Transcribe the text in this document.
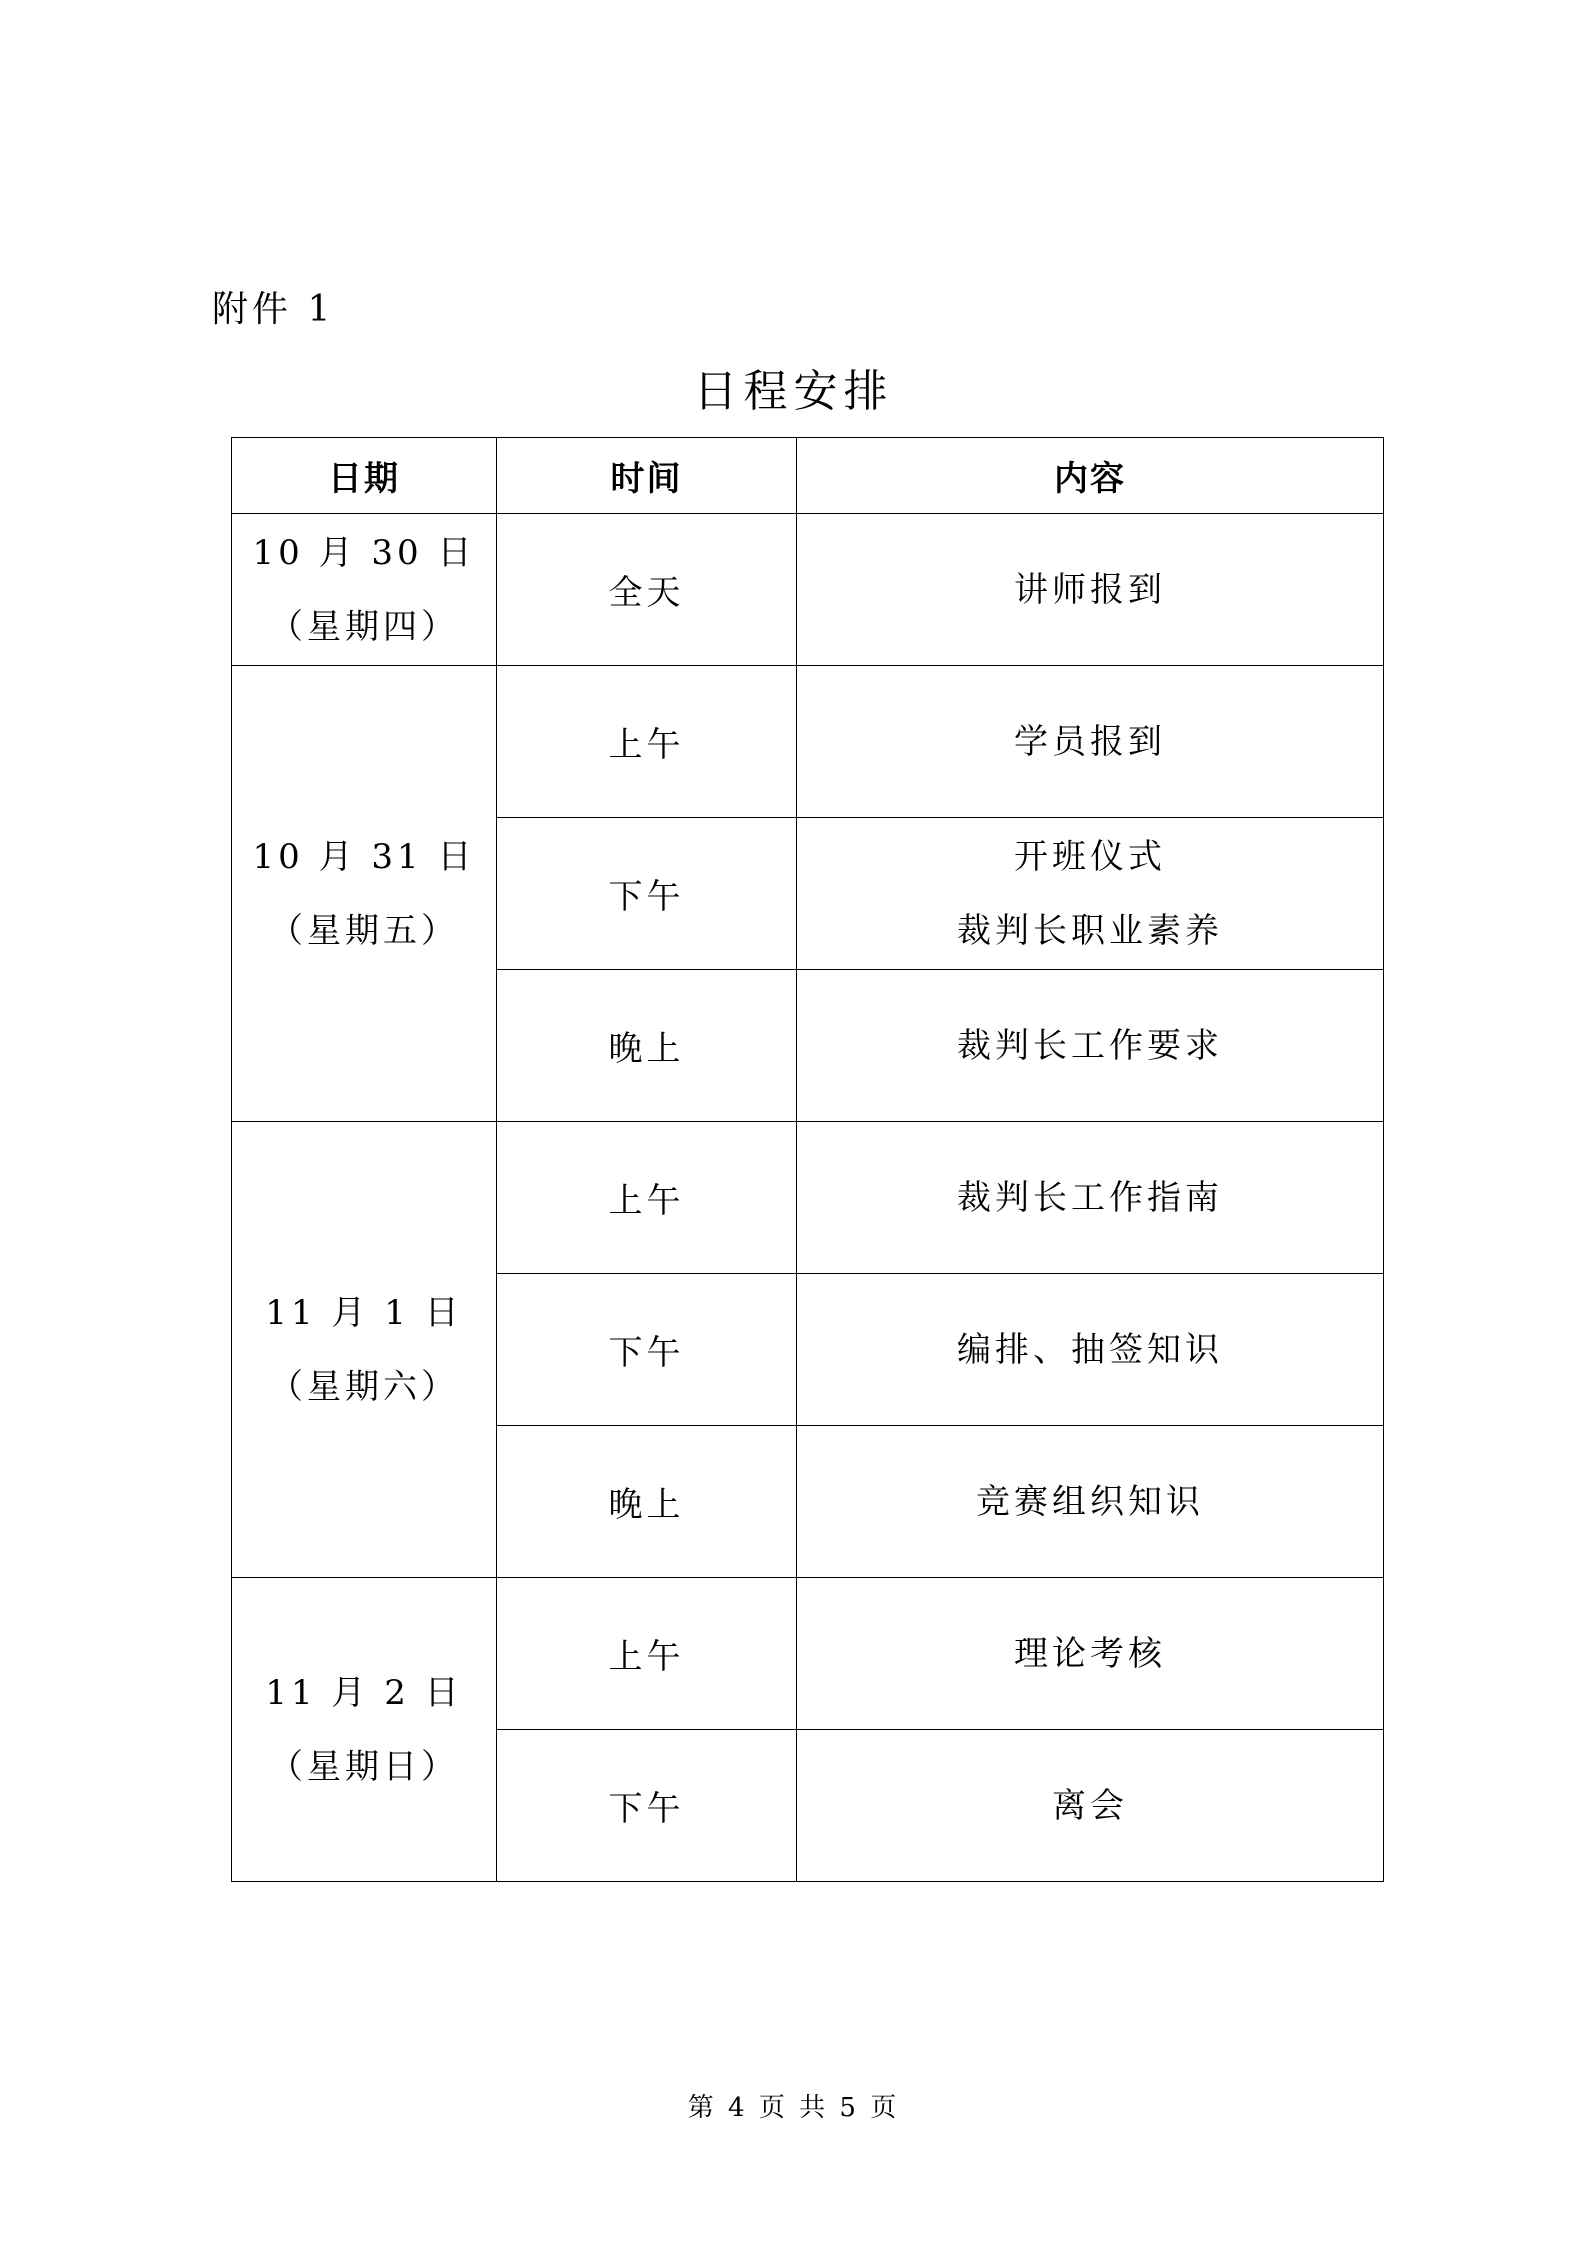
附件 1
日程安排
日期	时间	内容

10 月 30 日
（星期四）	全天	讲师报到

10 月 31 日
（星期五）	上午	学员报到

	下午	开班仪式
裁判长职业素养

	晚上	裁判长工作要求

11 月 1 日
（星期六）	上午	裁判长工作指南

	下午	编排、抽签知识

	晚上	竞赛组织知识

11 月 2 日
（星期日）	上午	理论考核

	下午	离会
第 4 页 共 5 页
